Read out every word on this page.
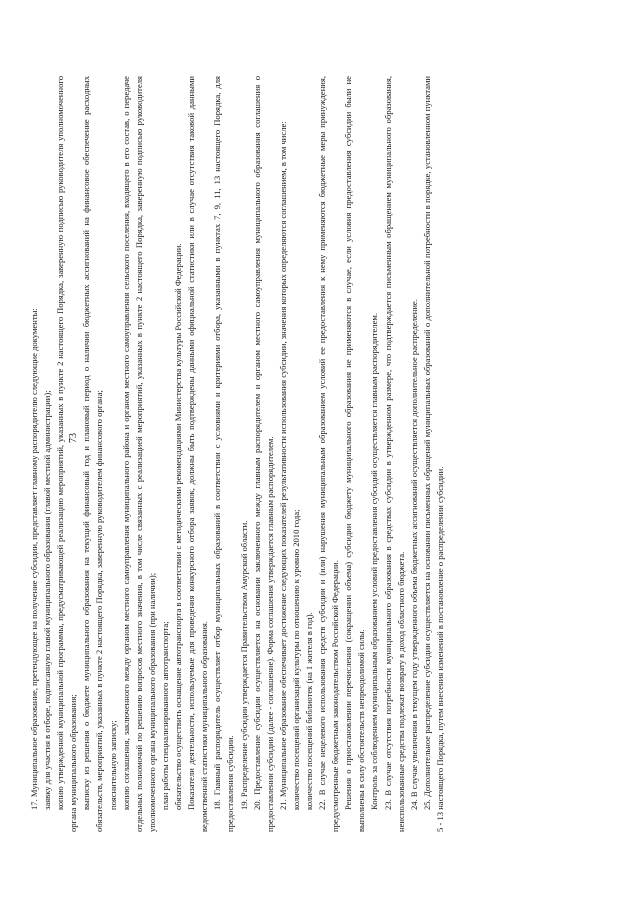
73

17. Муниципальное образование, претендующее на получение субсидии, представляет главному распорядителю следующие документы: заявку для участия в отборе, подписанную главой муниципального образования (главой местной администрации); копию утвержденной муниципальной программы, предусматривающей реализацию мероприятий, указанных в пункте 2 настоящего Порядка, заверенную подписью руководителя уполномоченного органа муниципального образования; выписку из решения о бюджете муниципального образования на текущий финансовый год и плановый период о наличии бюджетных ассигнований на финансовое обеспечение расходных обязательств, мероприятий, указанных в пункте 2 настоящего Порядка, заверенную руководителем финансового органа; пояснительную записку; копию соглашения, заключенного между органом местного самоуправления муниципального района и органом местного самоуправления сельского поселения, входящего в его состав, о передаче отдельных полномочий по решению вопросов местного значения, в том числе связанных с реализацией мероприятий, указанных в пункте 2 настоящего Порядка, заверенную подписью руководителя уполномоченного органа муниципального образования (при наличии); план работы специализированного автотранспорта; обязательство осуществить оснащение автотранспорта в соответствии с методическими рекомендациями Министерства культуры Российской Федерации. Показатели деятельности, используемые для проведения конкурсного отбора заявок, должны быть подтверждены данными официальной статистики или в случае отсутствия таковой данными ведомственной статистики муниципального образования. 18. Главный распорядитель осуществляет отбор муниципальных образований в соответствии с условиями и критериями отбора, указанными в пунктах 7, 9, 11, 13 настоящего Порядка, для предоставления субсидии. 19. Распределение субсидии утверждается Правительством Амурской области. 20. Предоставление субсидии осуществляется на основании заключенного между главным распорядителем и органом местного самоуправления муниципального образования соглашения о предоставлении субсидии (далее - соглашение). Форма соглашения утверждается главным распорядителем. 21. Муниципальное образование обеспечивает достижение следующих показателей результативности использования субсидии, значения которых определяются соглашением, в том числе: количество посещений организаций культуры по отношению к уровню 2010 года; количество посещений библиотек (на 1 жителя в год). 22. В случае нецелевого использования средств субсидии и (или) нарушения муниципальным образованием условий ее предоставления к нему применяются бюджетные меры принуждения, предусмотренные бюджетным законодательством Российской Федерации. Решения о приостановлении перечисления (сокращении объема) субсидии бюджету муниципального образования не применяются в случае, если условия предоставления субсидии были не выполнены в силу обстоятельств непреодолимой силы. Контроль за соблюдением муниципальным образованием условий предоставления субсидий осуществляется главным распорядителем. 23. В случае отсутствия потребности муниципального образования в средствах субсидии в утвержденном размере, что подтверждается письменным обращением муниципального образования, неиспользованные средства подлежат возврату в доход областного бюджета. 24. В случае увеличения в текущем году утвержденного объема бюджетных ассигнований осуществляется дополнительное распределение. 25. Дополнительное распределение субсидии осуществляется на основании письменных обращений муниципальных образований о дополнительной потребности в порядке, установленном пунктами 5 - 13 настоящего Порядка, путем внесения изменений в постановление о распределении субсидии.
